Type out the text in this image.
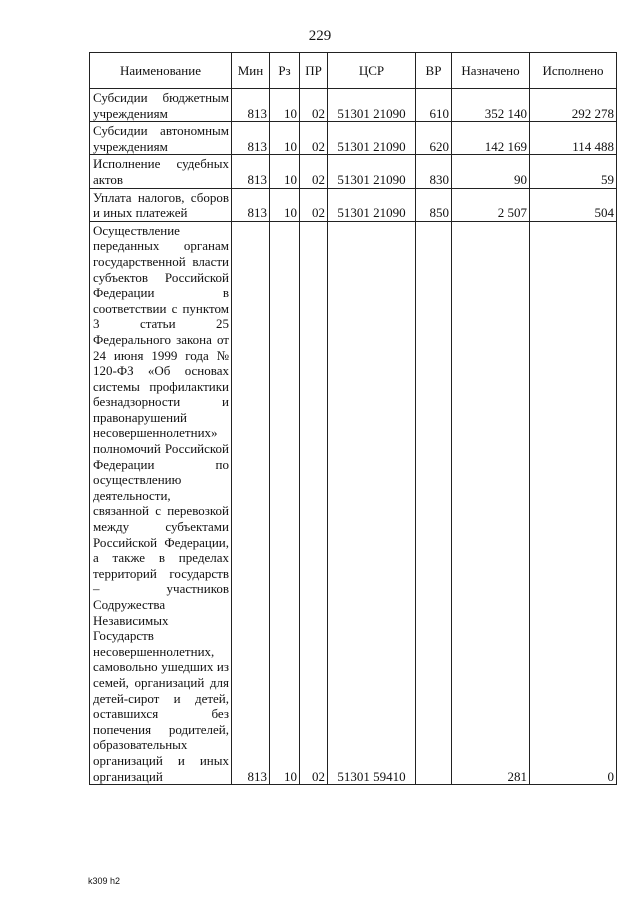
229
Наименование	Мин	Рз	ПР	ЦСР	ВР	Назначено	Исполнено
Субсидии бюджетным учреждениям	813	10	02	51301 21090	610	352 140	292 278
Субсидии автономным учреждениям	813	10	02	51301 21090	620	142 169	114 488
Исполнение судебных актов	813	10	02	51301 21090	830	90	59
Уплата налогов, сборов и иных платежей	813	10	02	51301 21090	850	2 507	504
Осуществление переданных органам государственной власти субъектов Российской Федерации в соответствии с пунктом 3 статьи 25 Федерального закона от 24 июня 1999 года № 120-ФЗ «Об основах системы профилактики безнадзорности и правонарушений несовершеннолетних» полномочий Российской Федерации по осуществлению деятельности, связанной с перевозкой между субъектами Российской Федерации, а также в пределах территорий государств – участников Содружества Независимых Государств несовершеннолетних, самовольно ушедших из семей, организаций для детей-сирот и детей, оставшихся без попечения родителей, образовательных организаций и иных организаций	813	10	02	51301 59410		281	0
k309 h2
